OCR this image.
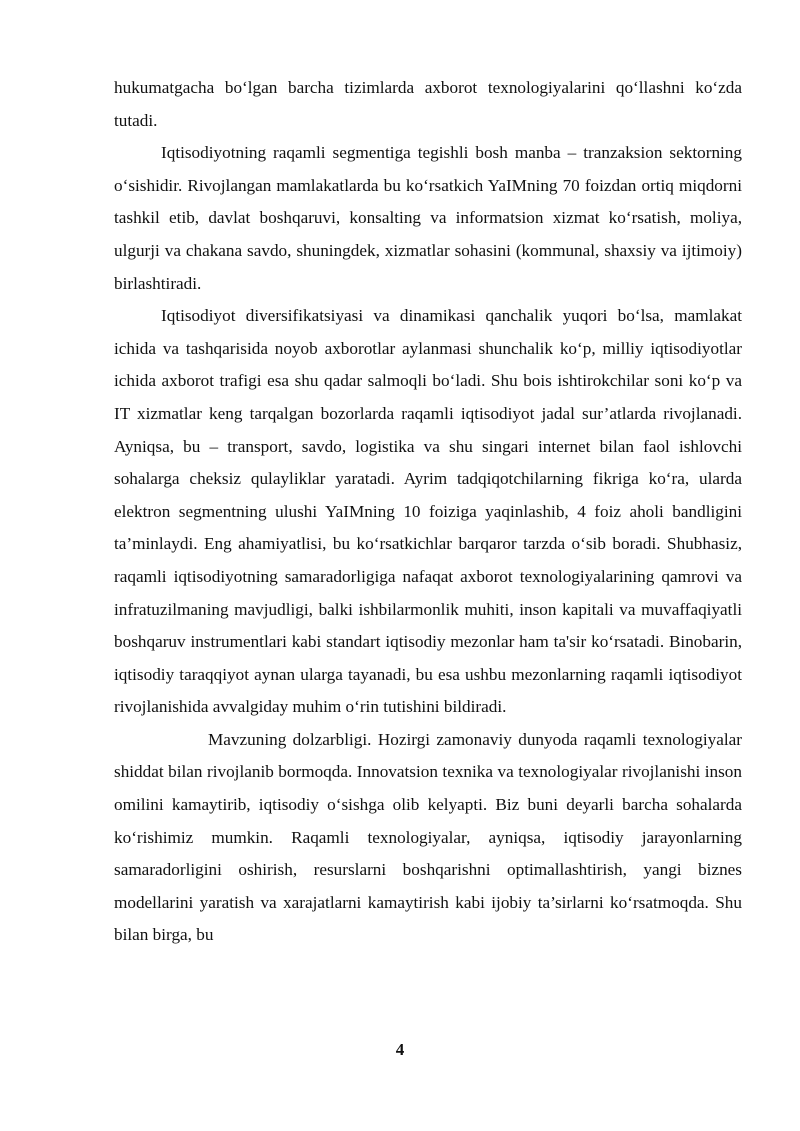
hukumatgacha bo‘lgan barcha tizimlarda axborot texnologiyalarini qo‘llashni ko‘zda tutadi.

Iqtisodiyotning raqamli segmentiga tegishli bosh manba – tranzaksion sektorning o‘sishidir. Rivojlangan mamlakatlarda bu ko‘rsatkich YaIMning 70 foizdan ortiq miqdorni tashkil etib, davlat boshqaruvi, konsalting va informatsion xizmat ko‘rsatish, moliya, ulgurji va chakana savdo, shuningdek, xizmatlar sohasini (kommunal, shaxsiy va ijtimoiy) birlashtiradi.

Iqtisodiyot diversifikatsiyasi va dinamikasi qanchalik yuqori bo‘lsa, mamlakat ichida va tashqarisida noyob axborotlar aylanmasi shunchalik ko‘p, milliy iqtisodiyotlar ichida axborot trafigi esa shu qadar salmoqli bo‘ladi. Shu bois ishtirokchilar soni ko‘p va IT xizmatlar keng tarqalgan bozorlarda raqamli iqtisodiyot jadal sur’atlarda rivojlanadi. Ayniqsa, bu – transport, savdo, logistika va shu singari internet bilan faol ishlovchi sohalarga cheksiz qulayliklar yaratadi. Ayrim tadqiqotchilarning fikriga ko‘ra, ularda elektron segmentning ulushi YaIMning 10 foiziga yaqinlashib, 4 foiz aholi bandligini ta’minlaydi. Eng ahamiyatlisi, bu ko‘rsatkichlar barqaror tarzda o‘sib boradi. Shubhasiz, raqamli iqtisodiyotning samaradorligiga nafaqat axborot texnologiyalarining qamrovi va infratuzilmaning mavjudligi, balki ishbilarmonlik muhiti, inson kapitali va muvaffaqiyatli boshqaruv instrumentlari kabi standart iqtisodiy mezonlar ham ta'sir ko‘rsatadi. Binobarin, iqtisodiy taraqqiyot aynan ularga tayanadi, bu esa ushbu mezonlarning raqamli iqtisodiyot rivojlanishida avvalgiday muhim o‘rin tutishini bildiradi.

Mavzuning dolzarbligi. Hozirgi zamonaviy dunyoda raqamli texnologiyalar shiddat bilan rivojlanib bormoqda. Innovatsion texnika va texnologiyalar rivojlanishi inson omilini kamaytirib, iqtisodiy o‘sishga olib kelyapti. Biz buni deyarli barcha sohalarda ko‘rishimiz mumkin. Raqamli texnologiyalar, ayniqsa, iqtisodiy jarayonlarning samaradorligini oshirish, resurslarni boshqarishni optimallashtirish, yangi biznes modellarini yaratish va xarajatlarni kamaytirish kabi ijobiy ta’sirlarni ko‘rsatmoqda. Shu bilan birga, bu

4
